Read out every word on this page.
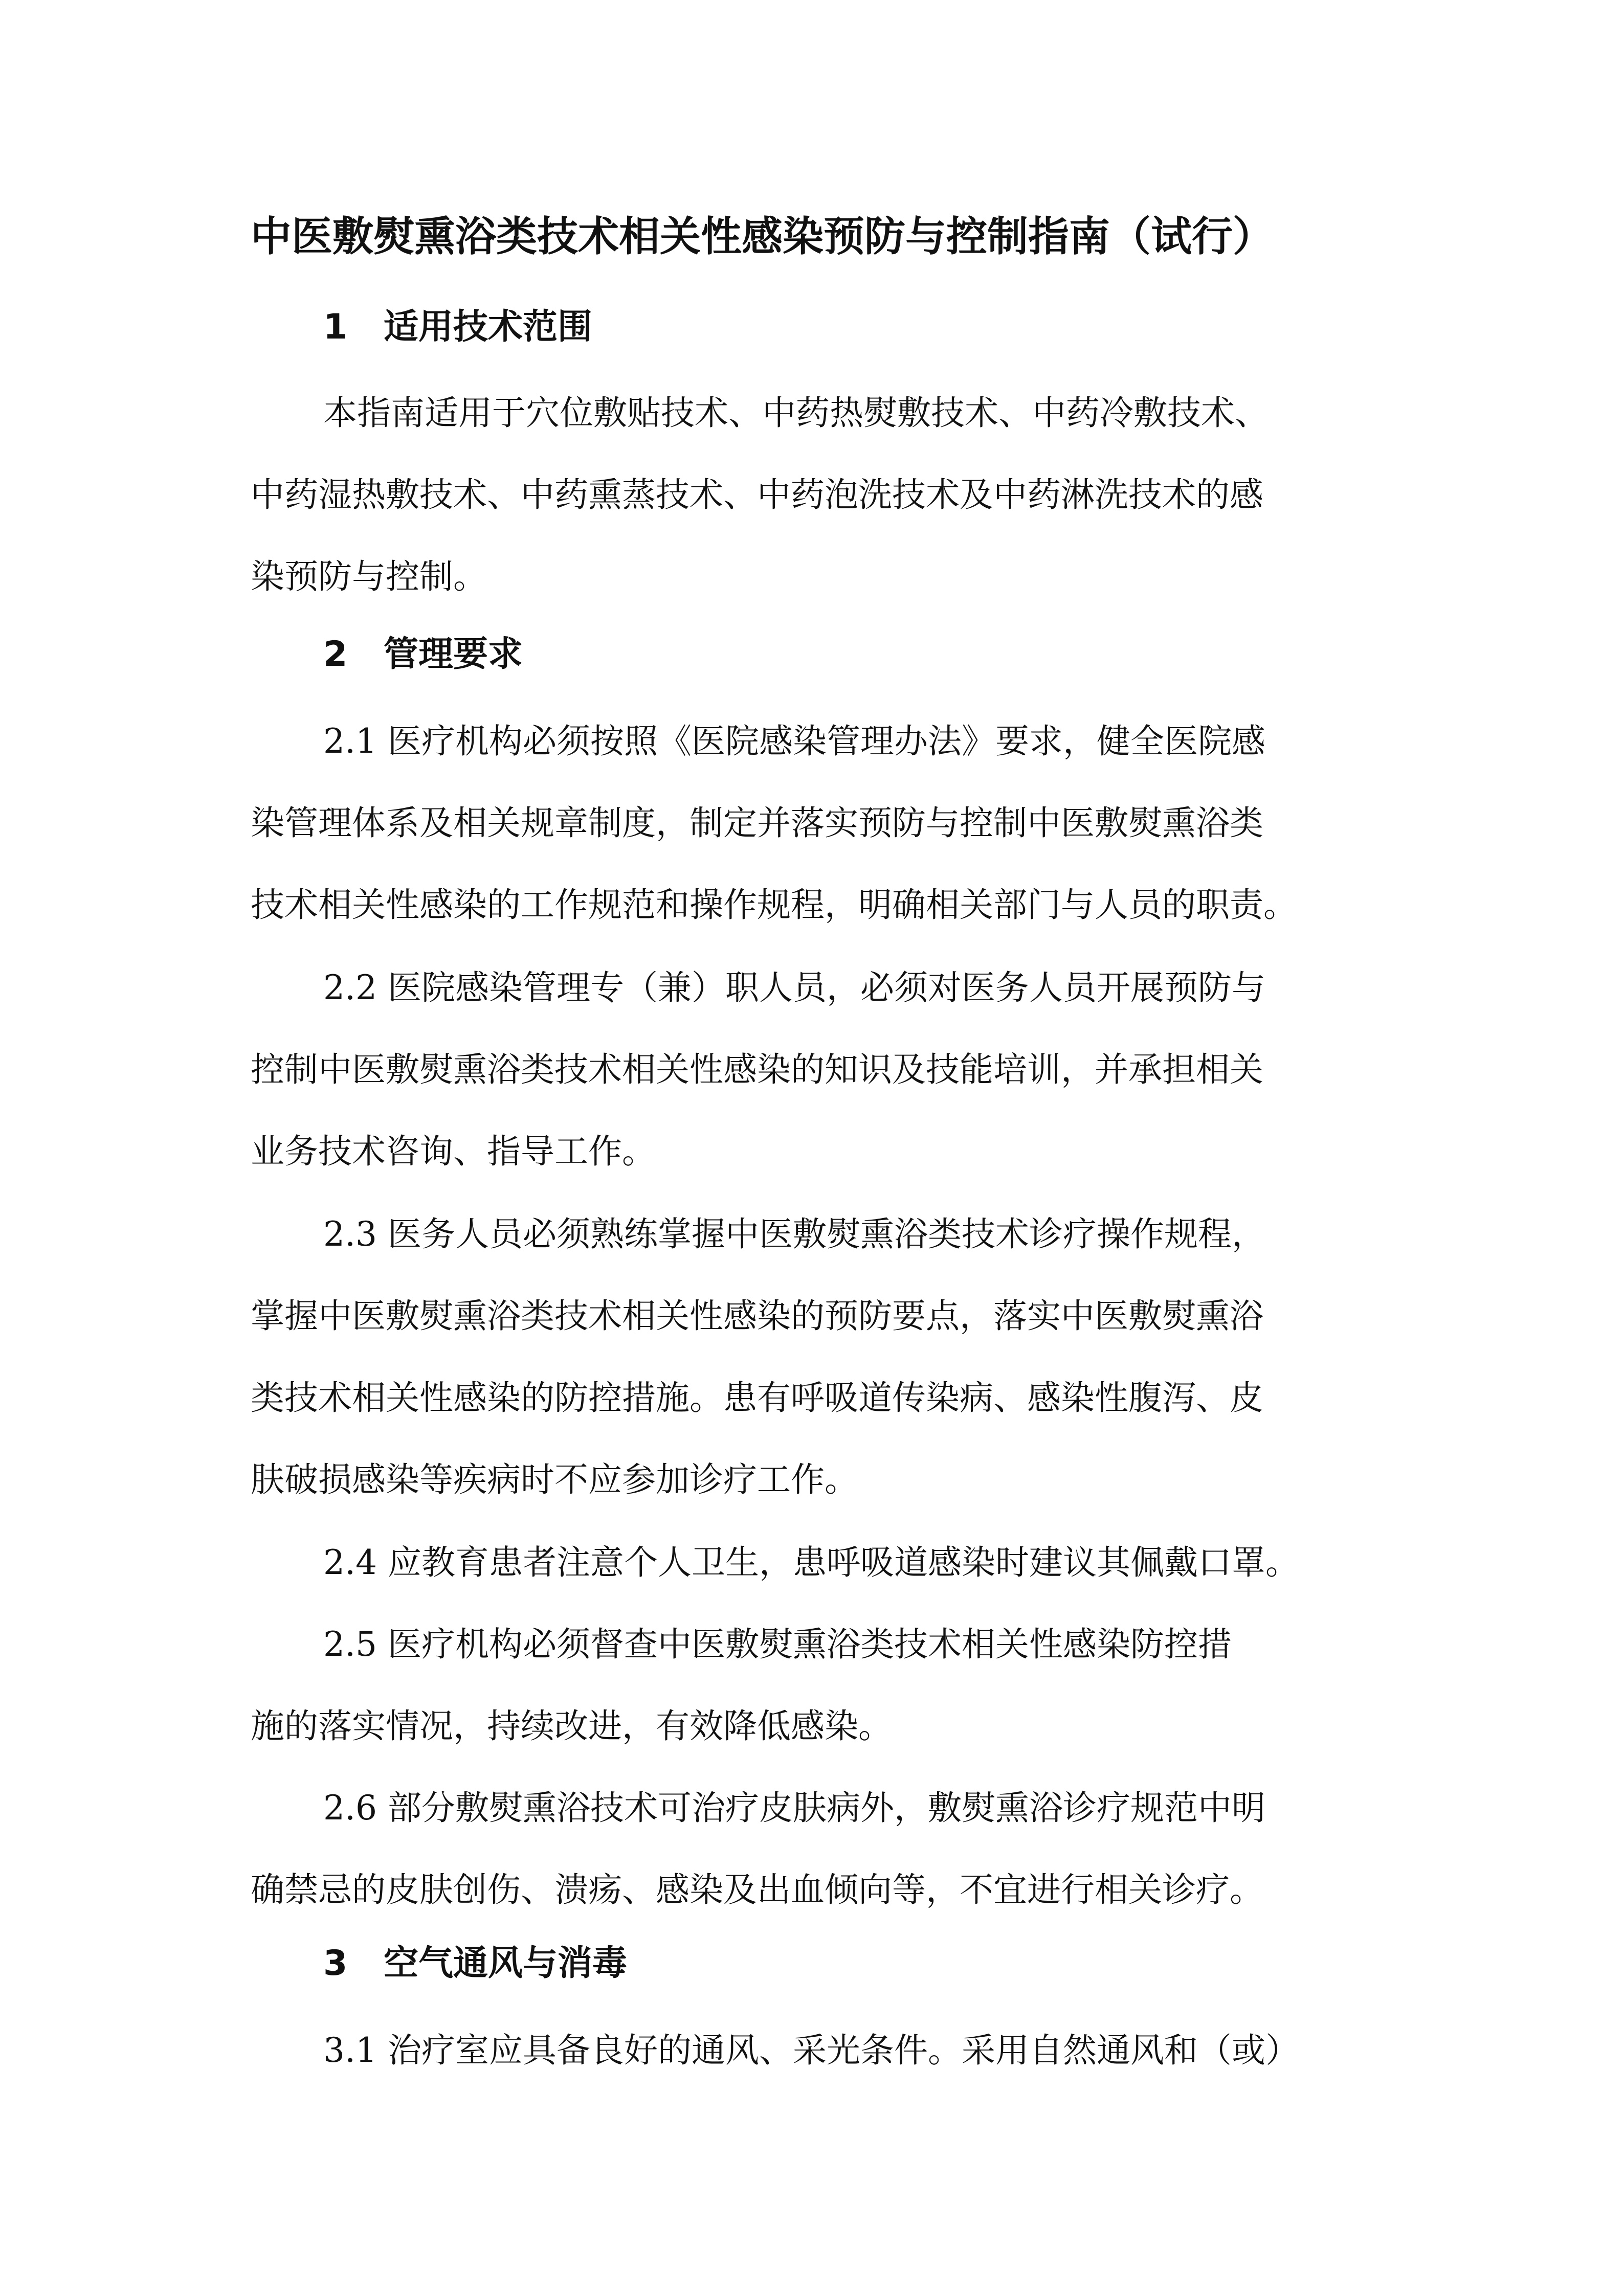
中医敷熨熏浴类技术相关性感染预防与控制指南（试行）
1 适用技术范围
本指南适用于穴位敷贴技术、中药热熨敷技术、中药冷敷技术、
中药湿热敷技术、中药熏蒸技术、中药泡洗技术及中药淋洗技术的感
染预防与控制。
2 管理要求
2.1 医疗机构必须按照《医院感染管理办法》要求，健全医院感
染管理体系及相关规章制度，制定并落实预防与控制中医敷熨熏浴类
技术相关性感染的工作规范和操作规程，明确相关部门与人员的职责。
2.2 医院感染管理专（兼）职人员，必须对医务人员开展预防与
控制中医敷熨熏浴类技术相关性感染的知识及技能培训，并承担相关
业务技术咨询、指导工作。
2.3 医务人员必须熟练掌握中医敷熨熏浴类技术诊疗操作规程，
掌握中医敷熨熏浴类技术相关性感染的预防要点，落实中医敷熨熏浴
类技术相关性感染的防控措施。患有呼吸道传染病、感染性腹泻、皮
肤破损感染等疾病时不应参加诊疗工作。
2.4 应教育患者注意个人卫生，患呼吸道感染时建议其佩戴口罩。
2.5 医疗机构必须督查中医敷熨熏浴类技术相关性感染防控措
施的落实情况，持续改进，有效降低感染。
2.6 部分敷熨熏浴技术可治疗皮肤病外，敷熨熏浴诊疗规范中明
确禁忌的皮肤创伤、溃疡、感染及出血倾向等，不宜进行相关诊疗。
3 空气通风与消毒
3.1 治疗室应具备良好的通风、采光条件。采用自然通风和（或）
